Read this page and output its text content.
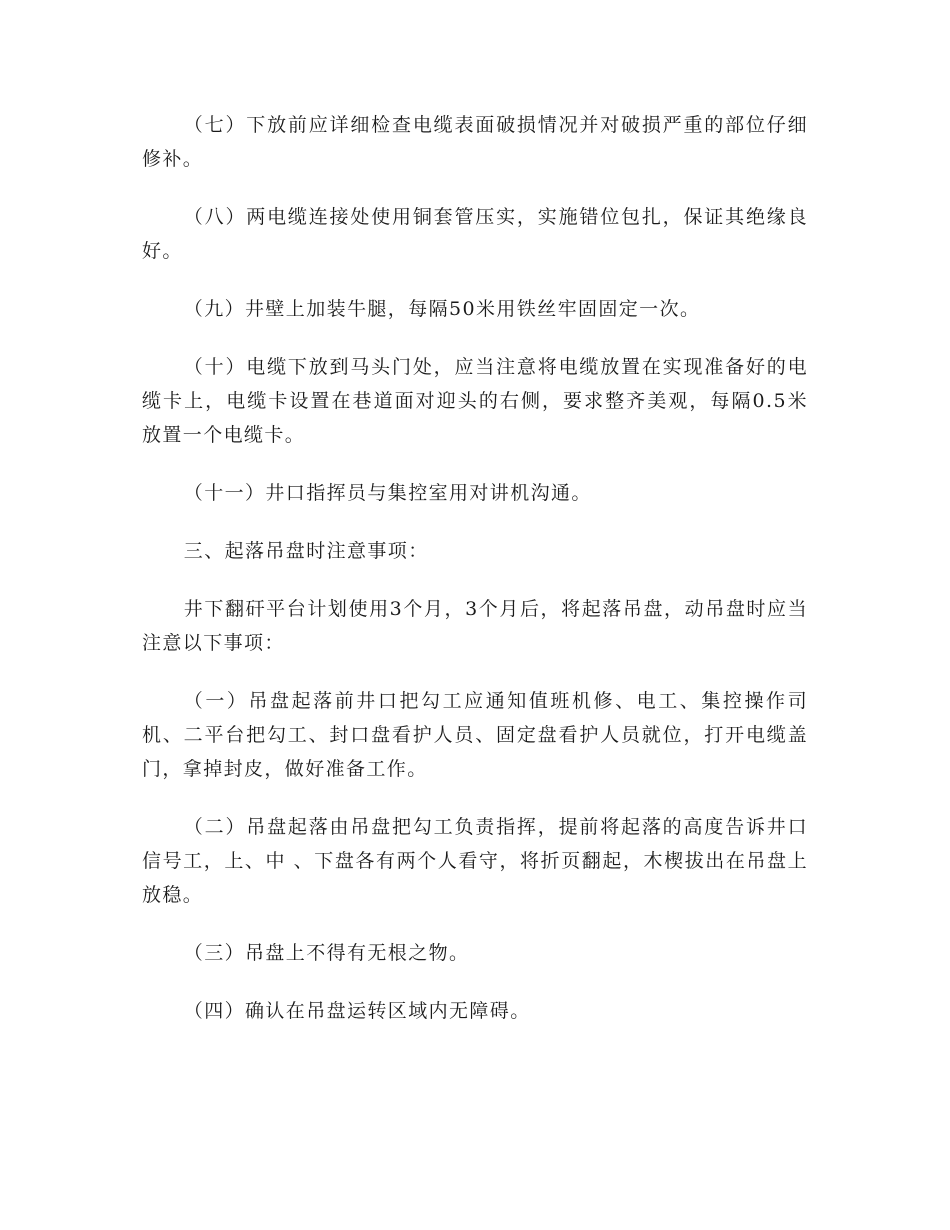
（七）下放前应详细检查电缆表面破损情况并对破损严重的部位仔细修补。

（八）两电缆连接处使用铜套管压实，实施错位包扎，保证其绝缘良好。

（九）井壁上加装牛腿，每隔50米用铁丝牢固固定一次。

（十）电缆下放到马头门处，应当注意将电缆放置在实现准备好的电缆卡上，电缆卡设置在巷道面对迎头的右侧，要求整齐美观，每隔0.5米放置一个电缆卡。

（十一）井口指挥员与集控室用对讲机沟通。

三、起落吊盘时注意事项：

井下翻矸平台计划使用3个月，3个月后，将起落吊盘，动吊盘时应当注意以下事项：

（一）吊盘起落前井口把勾工应通知值班机修、电工、集控操作司机、二平台把勾工、封口盘看护人员、固定盘看护人员就位，打开电缆盖门，拿掉封皮，做好准备工作。

（二）吊盘起落由吊盘把勾工负责指挥，提前将起落的高度告诉井口信号工，上、中 、下盘各有两个人看守，将折页翻起，木楔拔出在吊盘上放稳。

（三）吊盘上不得有无根之物。

（四）确认在吊盘运转区域内无障碍。
